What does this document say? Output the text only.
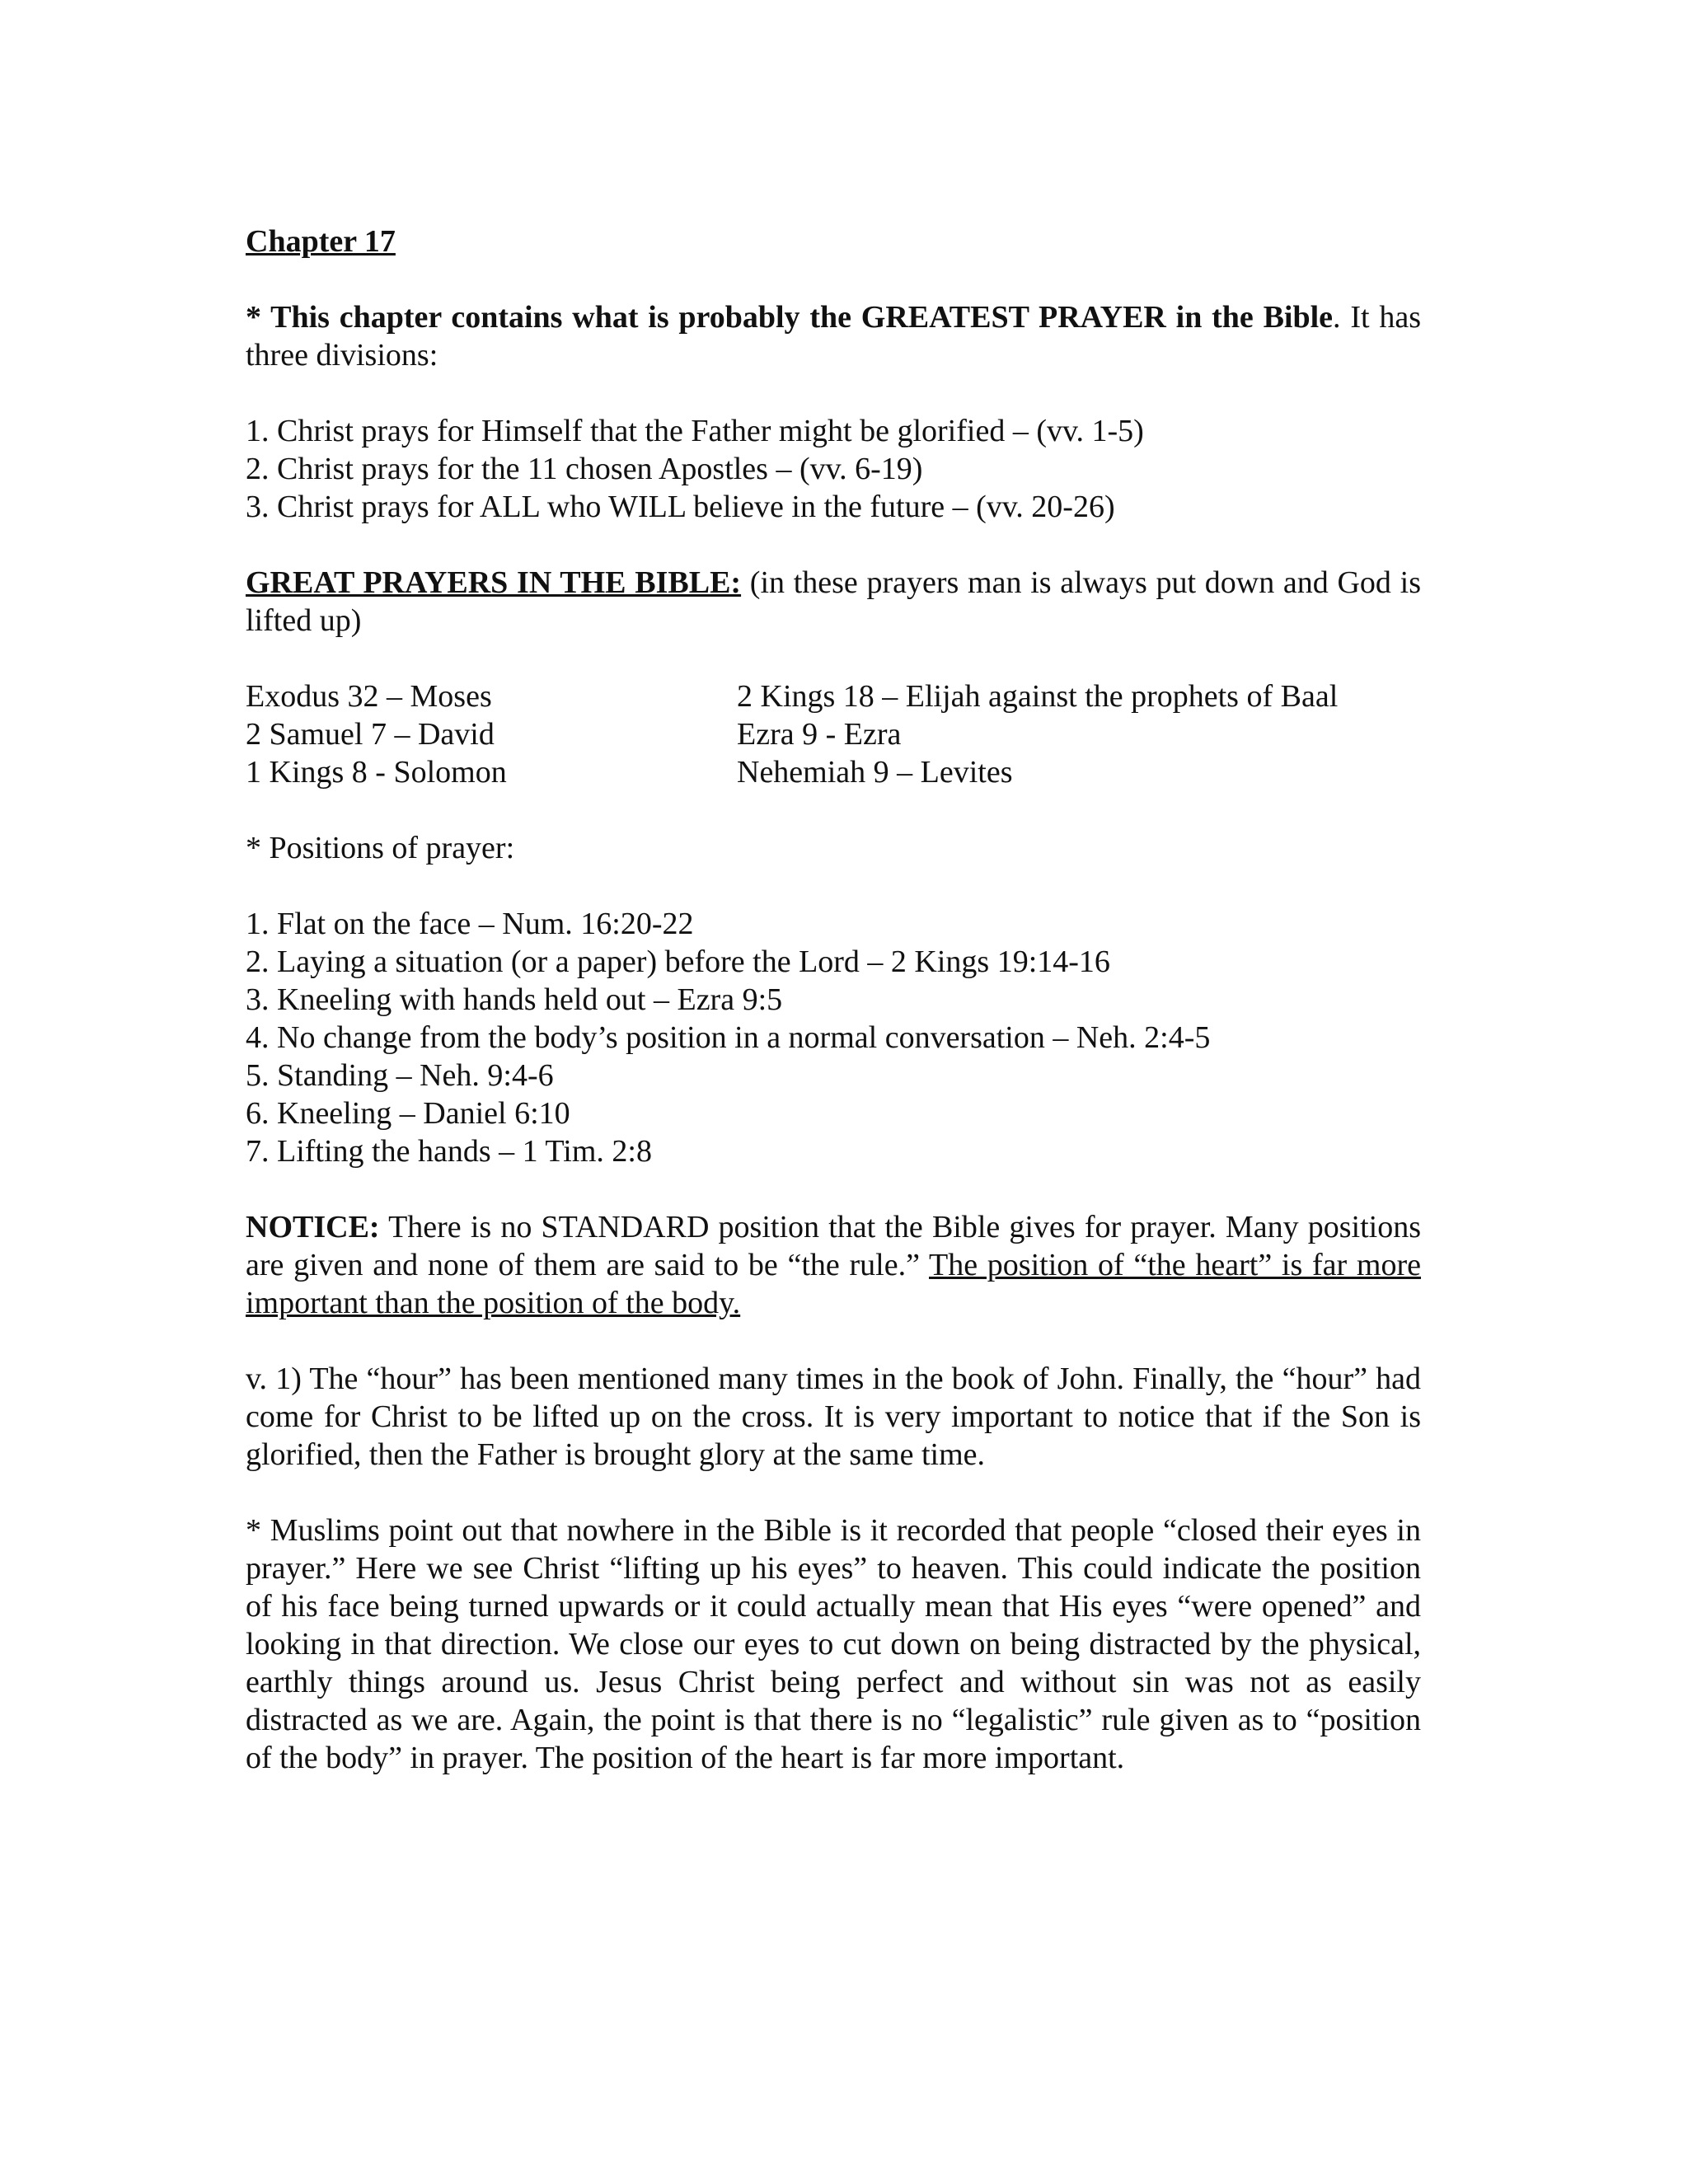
Chapter 17
* This chapter contains what is probably the GREATEST PRAYER in the Bible. It has three divisions:
1. Christ prays for Himself that the Father might be glorified – (vv. 1-5)
2. Christ prays for the 11 chosen Apostles – (vv. 6-19)
3. Christ prays for ALL who WILL believe in the future – (vv. 20-26)
GREAT PRAYERS IN THE BIBLE: (in these prayers man is always put down and God is lifted up)
Exodus 32 – Moses
2 Samuel 7 – David
1 Kings 8 - Solomon
2 Kings 18 – Elijah against the prophets of Baal
Ezra 9 - Ezra
Nehemiah 9 – Levites
* Positions of prayer:
1. Flat on the face – Num. 16:20-22
2. Laying a situation (or a paper) before the Lord – 2 Kings 19:14-16
3. Kneeling with hands held out – Ezra 9:5
4. No change from the body’s position in a normal conversation – Neh. 2:4-5
5. Standing – Neh. 9:4-6
6. Kneeling – Daniel 6:10
7. Lifting the hands – 1 Tim. 2:8
NOTICE: There is no STANDARD position that the Bible gives for prayer. Many positions are given and none of them are said to be “the rule.” The position of “the heart” is far more important than the position of the body.
v. 1) The “hour” has been mentioned many times in the book of John. Finally, the “hour” had come for Christ to be lifted up on the cross. It is very important to notice that if the Son is glorified, then the Father is brought glory at the same time.
* Muslims point out that nowhere in the Bible is it recorded that people “closed their eyes in prayer.” Here we see Christ “lifting up his eyes” to heaven. This could indicate the position of his face being turned upwards or it could actually mean that His eyes “were opened” and looking in that direction. We close our eyes to cut down on being distracted by the physical, earthly things around us. Jesus Christ being perfect and without sin was not as easily distracted as we are. Again, the point is that there is no “legalistic” rule given as to “position of the body” in prayer. The position of the heart is far more important.
